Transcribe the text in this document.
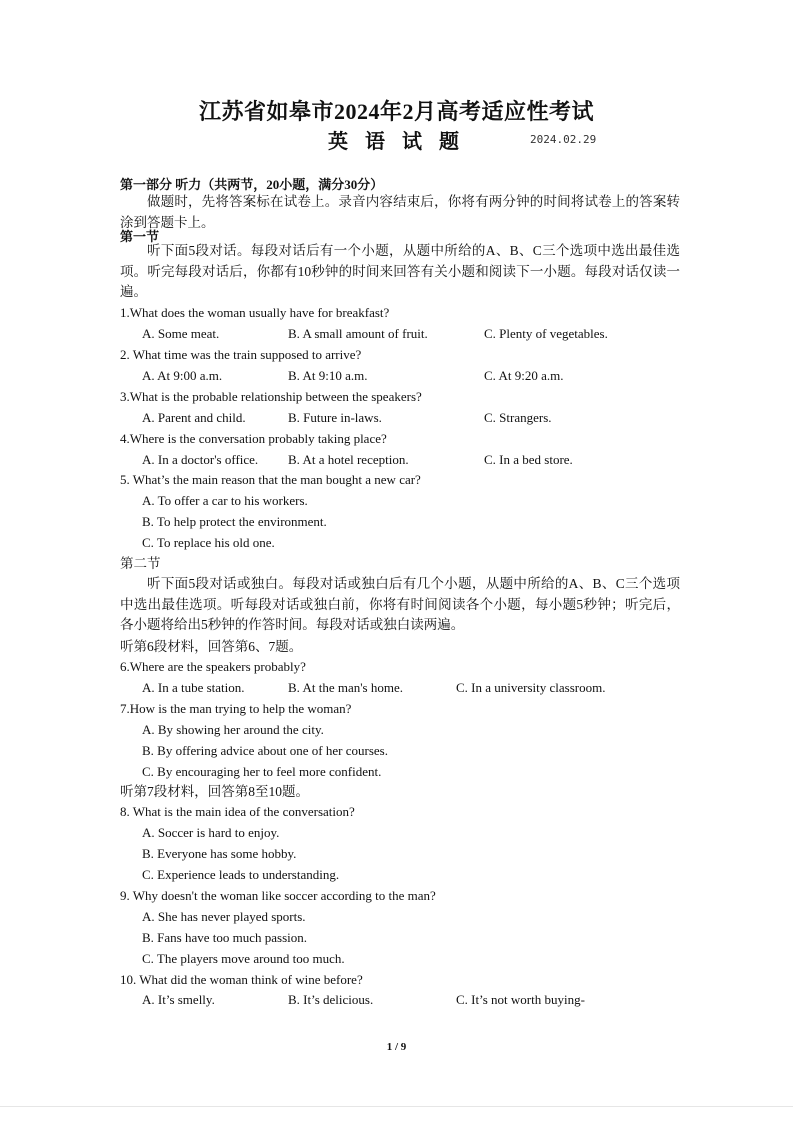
江苏省如皋市2024年2月高考适应性考试
英 语 试 题	2024.02.29
第一部分 听力（共两节，20小题，满分30分）
做题时，先将答案标在试卷上。录音内容结束后，你将有两分钟的时间将试卷上的答案转涂到答题卡上。
第一节
听下面5段对话。每段对话后有一个小题，从题中所给的A、B、C三个选项中选出最佳选项。听完每段对话后，你都有10秒钟的时间来回答有关小题和阅读下一小题。每段对话仅读一遍。
1.What does the woman usually have for breakfast?
A. Some meat.	B. A small amount of fruit.	C. Plenty of vegetables.
2. What time was the train supposed to arrive?
A. At 9:00 a.m.	B. At 9:10 a.m.	C. At 9:20 a.m.
3.What is the probable relationship between the speakers?
A. Parent and child.	B. Future in-laws.	C. Strangers.
4.Where is the conversation probably taking place?
A. In a doctor's office. B. At a hotel reception.	C. In a bed store.
5. What’s the main reason that the man bought a new car?
A. To offer a car to his workers.
B. To help protect the environment.
C. To replace his old one.
第二节
听下面5段对话或独白。每段对话或独白后有几个小题，从题中所给的A、B、C三个选项中选出最佳选项。听每段对话或独白前，你将有时间阅读各个小题，每小题5秒钟；听完后，各小题将给出5秒钟的作答时间。每段对话或独白读两遍。
听第6段材料，回答第6、7题。
6.Where are the speakers probably?
A. In a tube station.	B. At the man's home.	C. In a university classroom.
7.How is the man trying to help the woman?
A. By showing her around the city.
B. By offering advice about one of her courses.
C. By encouraging her to feel more confident.
听第7段材料，回答第8至10题。
8. What is the main idea of the conversation?
A. Soccer is hard to enjoy.
B. Everyone has some hobby.
C. Experience leads to understanding.
9. Why doesn't the woman like soccer according to the man?
A. She has never played sports.
B. Fans have too much passion.
C. The players move around too much.
10. What did the woman think of wine before?
A. It’s smelly.	B. It’s delicious.	C. It’s not worth buying-
1 / 9
